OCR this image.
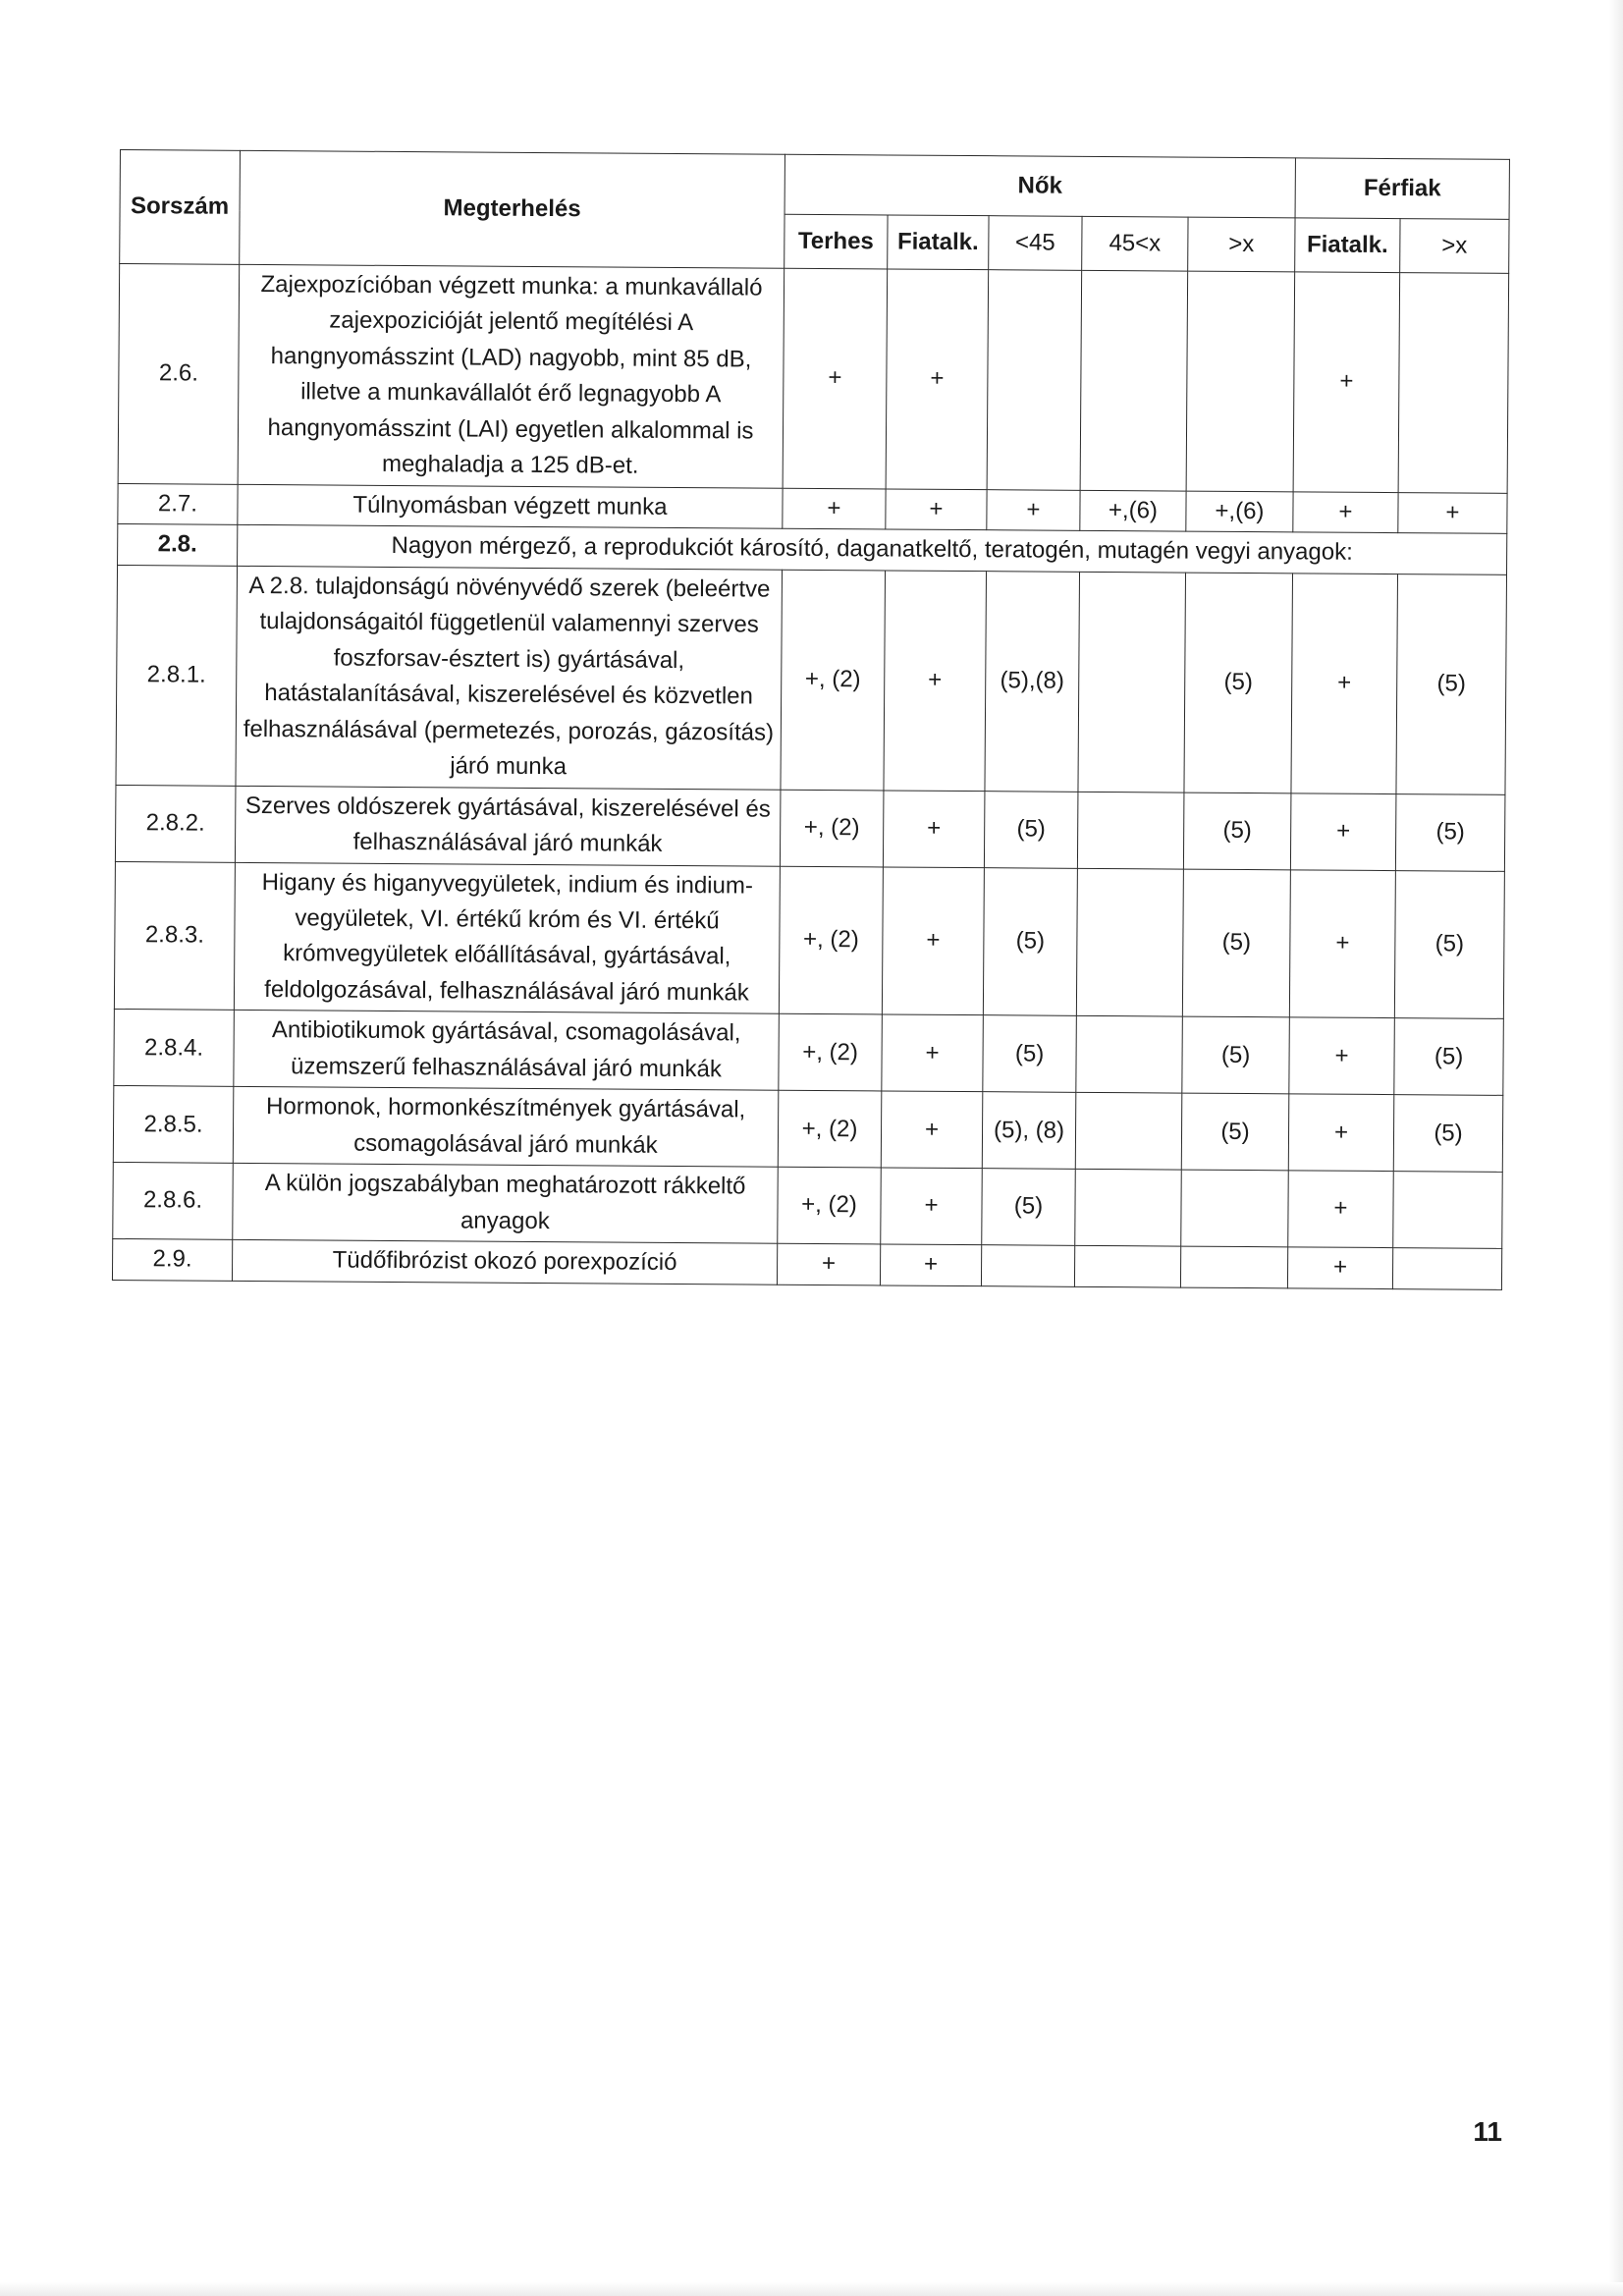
Sorszám	Megterhelés	Nők					Férfiak	
		Terhes	Fiatalk.	<45	45<x	>x	Fiatalk.	>x
2.6.	Zajexpozícióban végzett munka: a munkavállaló zajexpozicióját jelentő megítélési A hangnyomásszint (LAD) nagyobb, mint 85 dB, illetve a munkavállalót érő legnagyobb A hangnyomásszint (LAI) egyetlen alkalommal is meghaladja a 125 dB-et.	+	+				+	
2.7.	Túlnyomásban végzett munka	+	+	+	+,(6)	+,(6)	+	+
2.8.	Nagyon mérgező, a reprodukciót károsító, daganatkeltő, teratogén, mutagén vegyi anyagok:							
2.8.1.	A 2.8. tulajdonságú növényvédő szerek (beleértve tulajdonságaitól függetlenül valamennyi szerves foszforsav-észtert is) gyártásával, hatástalanításával, kiszerelésével és közvetlen felhasználásával (permetezés, porozás, gázosítás) járó munka	+, (2)	+	(5),(8)		(5)	+	(5)
2.8.2.	Szerves oldószerek gyártásával, kiszerelésével és felhasználásával járó munkák	+, (2)	+	(5)		(5)	+	(5)
2.8.3.	Higany és higanyvegyületek, indium és indium- vegyületek, VI. értékű króm és VI. értékű krómvegyületek előállításával, gyártásával, feldolgozásával, felhasználásával járó munkák	+, (2)	+	(5)		(5)	+	(5)
2.8.4.	Antibiotikumok gyártásával, csomagolásával, üzemszerű felhasználásával járó munkák	+, (2)	+	(5)		(5)	+	(5)
2.8.5.	Hormonok, hormonkészítmények gyártásával, csomagolásával járó munkák	+, (2)	+	(5), (8)		(5)	+	(5)
2.8.6.	A külön jogszabályban meghatározott rákkeltő anyagok	+, (2)	+	(5)			+	
2.9.	Tüdőfibrózist okozó porexpozíció	+	+				+	
11
